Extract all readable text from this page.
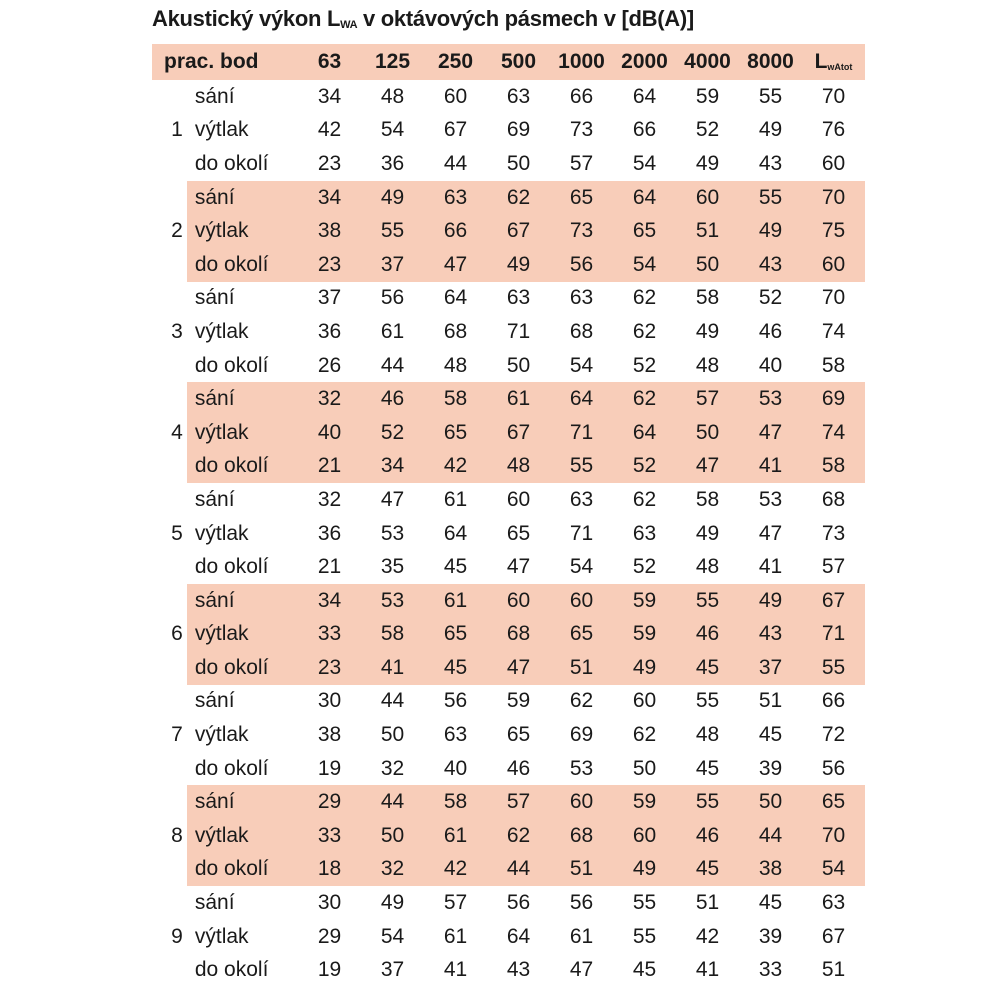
Akustický výkon $L_{WA}$ v oktávových pásmech v [dB(A)]
prac. bod		63	125	250	500	1000	2000	4000	8000	$L_{wAtot}$
	sání	34	48	60	63	66	64	59	55	70
1	výtlak	42	54	67	69	73	66	52	49	76
	do okolí	23	36	44	50	57	54	49	43	60
	sání	34	49	63	62	65	64	60	55	70
2	výtlak	38	55	66	67	73	65	51	49	75
	do okolí	23	37	47	49	56	54	50	43	60
	sání	37	56	64	63	63	62	58	52	70
3	výtlak	36	61	68	71	68	62	49	46	74
	do okolí	26	44	48	50	54	52	48	40	58
	sání	32	46	58	61	64	62	57	53	69
4	výtlak	40	52	65	67	71	64	50	47	74
	do okolí	21	34	42	48	55	52	47	41	58
	sání	32	47	61	60	63	62	58	53	68
5	výtlak	36	53	64	65	71	63	49	47	73
	do okolí	21	35	45	47	54	52	48	41	57
	sání	34	53	61	60	60	59	55	49	67
6	výtlak	33	58	65	68	65	59	46	43	71
	do okolí	23	41	45	47	51	49	45	37	55
	sání	30	44	56	59	62	60	55	51	66
7	výtlak	38	50	63	65	69	62	48	45	72
	do okolí	19	32	40	46	53	50	45	39	56
	sání	29	44	58	57	60	59	55	50	65
8	výtlak	33	50	61	62	68	60	46	44	70
	do okolí	18	32	42	44	51	49	45	38	54
	sání	30	49	57	56	56	55	51	45	63
9	výtlak	29	54	61	64	61	55	42	39	67
	do okolí	19	37	41	43	47	45	41	33	51
